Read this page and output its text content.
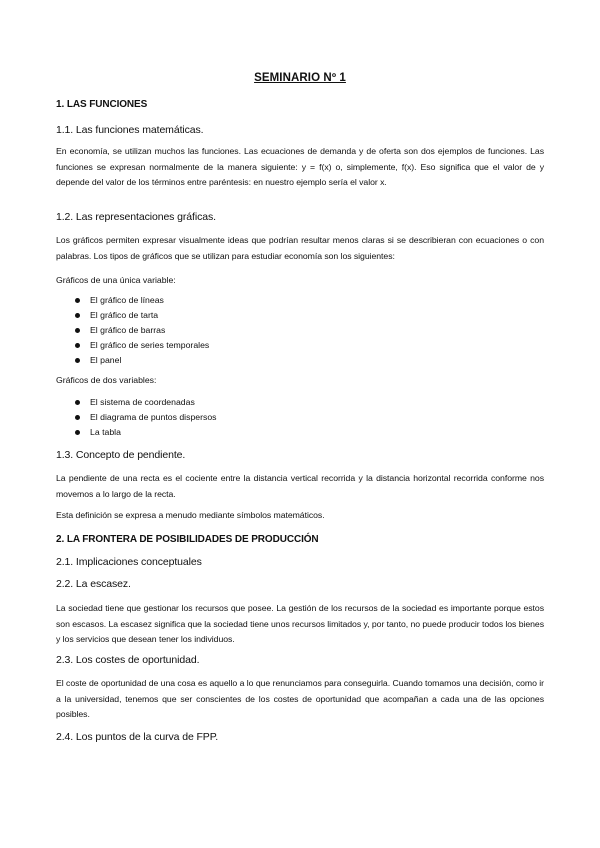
SEMINARIO Nº 1
1. LAS FUNCIONES
1.1. Las funciones matemáticas.
En economía, se utilizan muchos las funciones. Las ecuaciones de demanda y de oferta son dos ejemplos de funciones. Las funciones se expresan normalmente de la manera siguiente: y = f(x) o, simplemente, f(x). Eso significa que el valor de y depende del valor de los términos entre paréntesis: en nuestro ejemplo sería el valor x.
1.2. Las representaciones gráficas.
Los gráficos permiten expresar visualmente ideas que podrían resultar menos claras si se describieran con ecuaciones o con palabras. Los tipos de gráficos que se utilizan para estudiar economía son los siguientes:
Gráficos de una única variable:
El gráfico de líneas
El gráfico de tarta
El gráfico de barras
El gráfico de series temporales
El panel
Gráficos de dos variables:
El sistema de coordenadas
El diagrama de puntos dispersos
La tabla
1.3. Concepto de pendiente.
La pendiente de una recta es el cociente entre la distancia vertical recorrida y la distancia horizontal recorrida conforme nos movemos a lo largo de la recta.
Esta definición se expresa a menudo mediante símbolos matemáticos.
2. LA FRONTERA DE POSIBILIDADES DE PRODUCCIÓN
2.1. Implicaciones conceptuales
2.2. La escasez.
La sociedad tiene que gestionar los recursos que posee. La gestión de los recursos de la sociedad es importante porque estos son escasos. La escasez significa que la sociedad tiene unos recursos limitados y, por tanto, no puede producir todos los bienes y los servicios que desean tener los individuos.
2.3. Los costes de oportunidad.
El coste de oportunidad de una cosa es aquello a lo que renunciamos para conseguirla. Cuando tomamos una decisión, como ir a la universidad, tenemos que ser conscientes de los costes de oportunidad que acompañan a cada una de las opciones posibles.
2.4. Los puntos de la curva de FPP.
